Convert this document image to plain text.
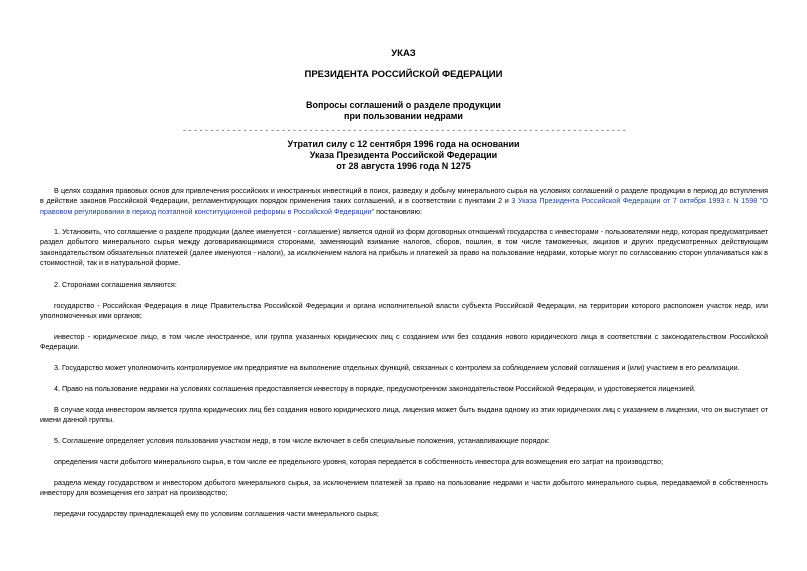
УКАЗ
ПРЕЗИДЕНТА РОССИЙСКОЙ ФЕДЕРАЦИИ
Вопросы соглашений о разделе продукции
при пользовании недрами
- - - - - - - - - - - - - - - - - - - - - - - - - - - - - - - - - - - - - - - - - - - - - - - - - - - - - - - - - - - - - - - - - - - - - - - - - - - - - - - - -
Утратил силу с 12 сентября 1996 года на основании
Указа Президента Российской Федерации
от 28 августа 1996 года N 1275
В целях создания правовых основ для привлечения российских и иностранных инвестиций в поиск, разведку и добычу минерального сырья на условиях соглашений о разделе продукции в период до вступления в действие законов Российской Федерации, регламентирующих порядок применения таких соглашений, и в соответствии с пунктами 2 и 3 Указа Президента Российской Федерации от 7 октября 1993 г. N 1598 "О правовом регулировании в период поэтапной конституционной реформы в Российской Федерации" постановляю:
1. Установить, что соглашение о разделе продукции (далее именуется - соглашение) является одной из форм договорных отношений государства с инвесторами - пользователями недр, которая предусматривает раздел добытого минерального сырья между договаривающимися сторонами, заменяющий взимание налогов, сборов, пошлин, в том числе таможенных, акцизов и других предусмотренных действующим законодательством обязательных платежей (далее именуются - налоги), за исключением налога на прибыль и платежей за право на пользование недрами, которые могут по согласованию сторон уплачиваться как в стоимостной, так и в натуральной форме.
2. Сторонами соглашения являются:
государство - Российская Федерация в лице Правительства Российской Федерации и органа исполнительной власти субъекта Российской Федерации, на территории которого расположен участок недр, или уполномоченных ими органов;
инвестор - юридическое лицо, в том числе иностранное, или группа указанных юридических лиц с созданием или без создания нового юридического лица в соответствии с законодательством Российской Федерации.
3. Государство может уполномочить контролируемое им предприятие на выполнение отдельных функций, связанных с контролем за соблюдением условий соглашения и (или) участием в его реализации.
4. Право на пользование недрами на условиях соглашения предоставляется инвестору в порядке, предусмотренном законодательством Российской Федерации, и удостоверяется лицензией.
В случае когда инвестором является группа юридических лиц без создания нового юридического лица, лицензия может быть выдана одному из этих юридических лиц с указанием в лицензии, что он выступает от имени данной группы.
5. Соглашение определяет условия пользования участком недр, в том числе включает в себя специальные положения, устанавливающие порядок:
определения части добытого минерального сырья, в том числе ее предельного уровня, которая передается в собственность инвестора для возмещения его затрат на производство;
раздела между государством и инвестором добытого минерального сырья, за исключением платежей за право на пользование недрами и части добытого минерального сырья, передаваемой в собственность инвестору для возмещения его затрат на производство;
передачи государству принадлежащей ему по условиям соглашения части минерального сырья;
